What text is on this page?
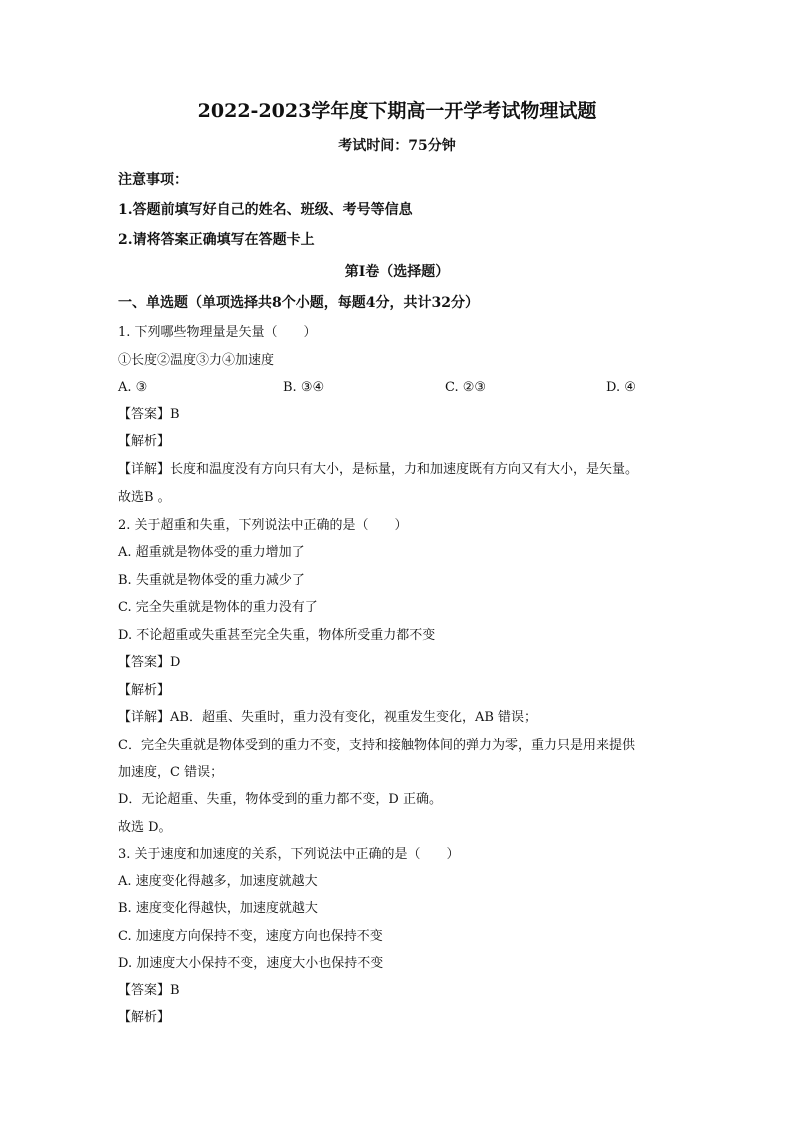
2022-2023学年度下期高一开学考试物理试题
考试时间：75分钟
注意事项：
1.答题前填写好自己的姓名、班级、考号等信息
2.请将答案正确填写在答题卡上
第I卷（选择题）
一、单选题（单项选择共8个小题，每题4分，共计32分）
1. 下列哪些物理量是矢量（　　）
①长度②温度③力④加速度
A. ③	B. ③④	C. ②③	D. ④
【答案】B
【解析】
【详解】长度和温度没有方向只有大小，是标量，力和加速度既有方向又有大小，是矢量。
故选B 。
2. 关于超重和失重，下列说法中正确的是（　　）
A. 超重就是物体受的重力增加了
B. 失重就是物体受的重力减少了
C. 完全失重就是物体的重力没有了
D. 不论超重或失重甚至完全失重，物体所受重力都不变
【答案】D
【解析】
【详解】AB．超重、失重时，重力没有变化，视重发生变化，AB 错误；
C．完全失重就是物体受到的重力不变，支持和接触物体间的弹力为零，重力只是用来提供
加速度，C 错误；
D．无论超重、失重，物体受到的重力都不变，D 正确。
故选 D。
3. 关于速度和加速度的关系，下列说法中正确的是（　　）
A. 速度变化得越多，加速度就越大
B. 速度变化得越快，加速度就越大
C. 加速度方向保持不变，速度方向也保持不变
D. 加速度大小保持不变，速度大小也保持不变
【答案】B
【解析】
